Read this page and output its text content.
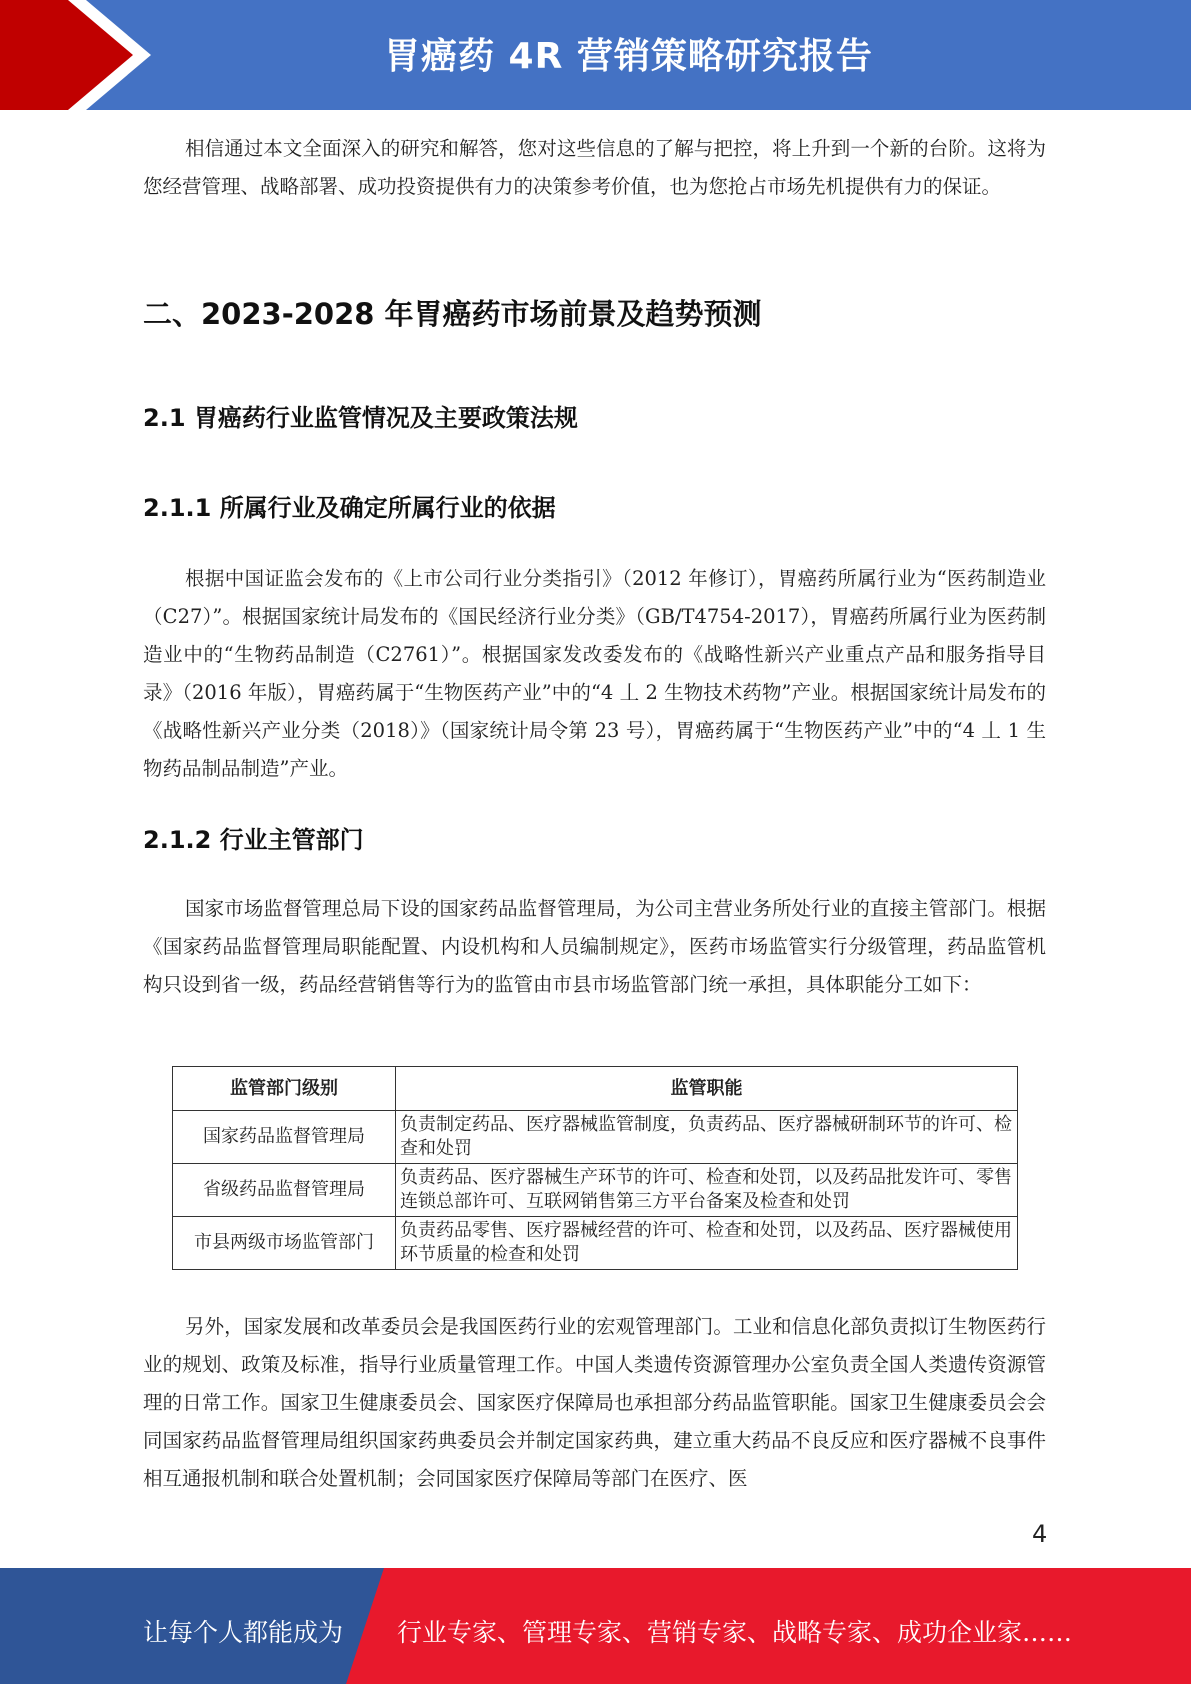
胃癌药 4R 营销策略研究报告

相信通过本文全面深入的研究和解答，您对这些信息的了解与把控，将上升到一个新的台阶。这将为您经营管理、战略部署、成功投资提供有力的决策参考价值，也为您抢占市场先机提供有力的保证。

二、2023-2028 年胃癌药市场前景及趋势预测
2.1 胃癌药行业监管情况及主要政策法规
2.1.1 所属行业及确定所属行业的依据

根据中国证监会发布的《上市公司行业分类指引》（2012 年修订），胃癌药所属行业为“医药制造业（C27）”。根据国家统计局发布的《国民经济行业分类》（GB/T4754-2017），胃癌药所属行业为医药制造业中的“生物药品制造（C2761）”。根据国家发改委发布的《战略性新兴产业重点产品和服务指导目录》（2016 年版），胃癌药属于“生物医药产业”中的“4 丄 2 生物技术药物”产业。根据国家统计局发布的《战略性新兴产业分类（2018）》（国家统计局令第 23 号），胃癌药属于“生物医药产业”中的“4 丄 1 生物药品制品制造”产业。

2.1.2 行业主管部门

国家市场监督管理总局下设的国家药品监督管理局，为公司主营业务所处行业的直接主管部门。根据《国家药品监督管理局职能配置、内设机构和人员编制规定》，医药市场监管实行分级管理，药品监管机构只设到省一级，药品经营销售等行为的监管由市县市场监管部门统一承担，具体职能分工如下：

监管部门级别	监管职能
国家药品监督管理局	负责制定药品、医疗器械监管制度，负责药品、医疗器械研制环节的许可、检查和处罚
省级药品监督管理局	负责药品、医疗器械生产环节的许可、检查和处罚，以及药品批发许可、零售连锁总部许可、互联网销售第三方平台备案及检查和处罚
市县两级市场监管部门	负责药品零售、医疗器械经营的许可、检查和处罚，以及药品、医疗器械使用环节质量的检查和处罚

另外，国家发展和改革委员会是我国医药行业的宏观管理部门。工业和信息化部负责拟订生物医药行业的规划、政策及标准，指导行业质量管理工作。中国人类遗传资源管理办公室负责全国人类遗传资源管理的日常工作。国家卫生健康委员会、国家医疗保障局也承担部分药品监管职能。国家卫生健康委员会会同国家药品监督管理局组织国家药典委员会并制定国家药典，建立重大药品不良反应和医疗器械不良事件相互通报机制和联合处置机制；会同国家医疗保障局等部门在医疗、医

4
让每个人都能成为 行业专家、管理专家、营销专家、战略专家、成功企业家……
